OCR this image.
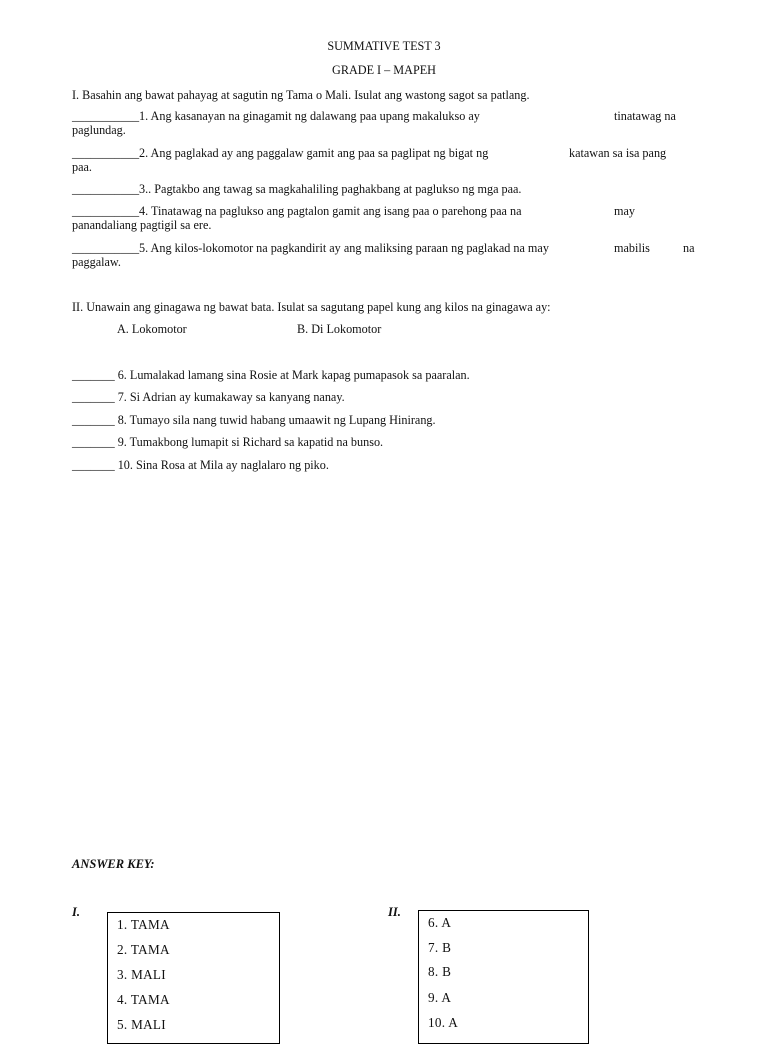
SUMMATIVE TEST 3
GRADE I – MAPEH
I. Basahin ang bawat pahayag at sagutin ng Tama o Mali. Isulat ang wastong sagot sa patlang.
___________1. Ang kasanayan na ginagamit ng dalawang paa upang makalukso ay	tinatawag na
paglundag.
___________2. Ang paglakad ay ang paggalaw gamit ang paa sa paglipat ng bigat ng	katawan sa isa pang
paa.
___________3.. Pagtakbo ang tawag sa magkahaliling paghakbang at paglukso ng mga paa.
___________4. Tinatawag na paglukso ang pagtalon gamit ang isang paa o parehong paa na	may
panandaliang pagtigil sa ere.
___________5. Ang kilos-lokomotor na pagkandirit ay ang maliksing paraan ng paglakad na may	mabilis	na
paggalaw.
II. Unawain ang ginagawa ng bawat bata. Isulat sa sagutang papel kung ang kilos na ginagawa ay:
A. Lokomotor	B. Di Lokomotor
_______ 6. Lumalakad lamang sina Rosie at Mark kapag pumapasok sa paaralan.
_______ 7. Si Adrian ay kumakaway sa kanyang nanay.
_______ 8. Tumayo sila nang tuwid habang umaawit ng Lupang Hinirang.
_______ 9. Tumakbong lumapit si Richard sa kapatid na bunso.
_______ 10. Sina Rosa at Mila ay naglalaro ng piko.
ANSWER KEY:
I.	II.
1. TAMA
2. TAMA
3. MALI
4. TAMA
5. MALI
6. A
7. B
8. B
9. A
10. A
